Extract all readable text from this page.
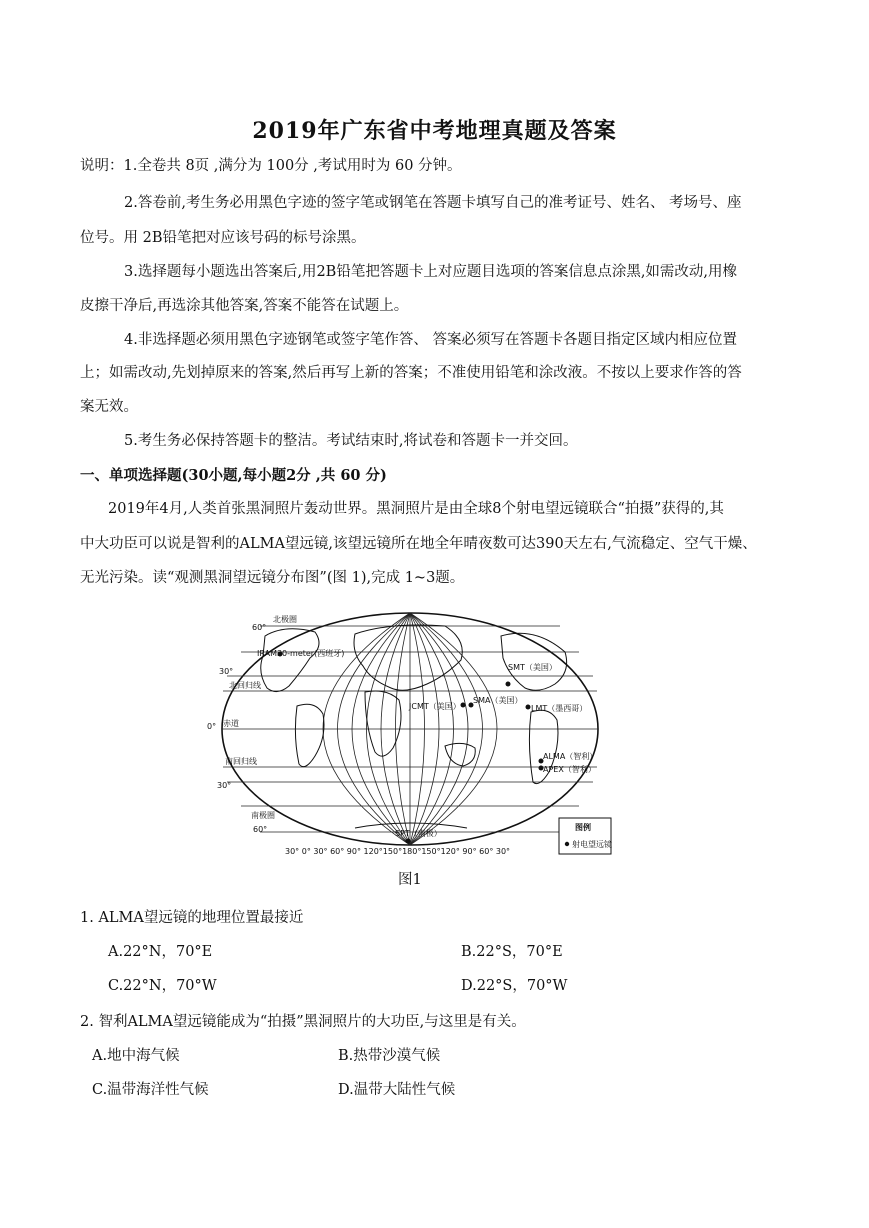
2019年广东省中考地理真题及答案
说明：1.全卷共 8页 ,满分为 100分 ,考试用时为 60 分钟。
2.答卷前,考生务必用黑色字迹的签字笔或钢笔在答题卡填写自己的准考证号、姓名、 考场号、座
位号。用 2B铅笔把对应该号码的标号涂黑。
3.选择题每小题选出答案后,用2B铅笔把答题卡上对应题目选项的答案信息点涂黑,如需改动,用橡
皮擦干净后,再选涂其他答案,答案不能答在试题上。
4.非选择题必须用黑色字迹钢笔或签字笔作答、 答案必须写在答题卡各题目指定区域内相应位置
上；如需改动,先划掉原来的答案,然后再写上新的答案；不准使用铅笔和涂改液。不按以上要求作答的答
案无效。
5.考生务必保持答题卡的整洁。考试结束时,将试卷和答题卡一并交回。
一、单项选择题(30小题,每小题2分 ,共 60 分)
2019年4月,人类首张黑洞照片轰动世界。黑洞照片是由全球8个射电望远镜联合“拍摄”获得的,其
中大功臣可以说是智利的ALMA望远镜,该望远镜所在地全年晴夜数可达390天左右,气流稳定、空气干燥、
无光污染。读“观测黑洞望远镜分布图”(图 1),完成 1~3题。
60°
北极圈
IRAM30-meter(西班牙)
30°
北回归线
0° 赤道
南回归线
30°
南极圈
60°
SMT（美国）
JCMT（美国）
SMA（美国）
LMT（墨西哥）
ALMA（智利）
APEX（智利）
SPT（南极）
30° 0° 30° 60° 90° 120°150°180°150°120° 90° 60° 30°
图例
射电望远镜
图1
1. ALMA望远镜的地理位置最接近
A.22°N，70°E	B.22°S，70°E
C.22°N，70°W	D.22°S，70°W
2. 智利ALMA望远镜能成为“拍摄”黑洞照片的大功臣,与这里是有关。
A.地中海气候	B.热带沙漠气候
C.温带海洋性气候	D.温带大陆性气候
